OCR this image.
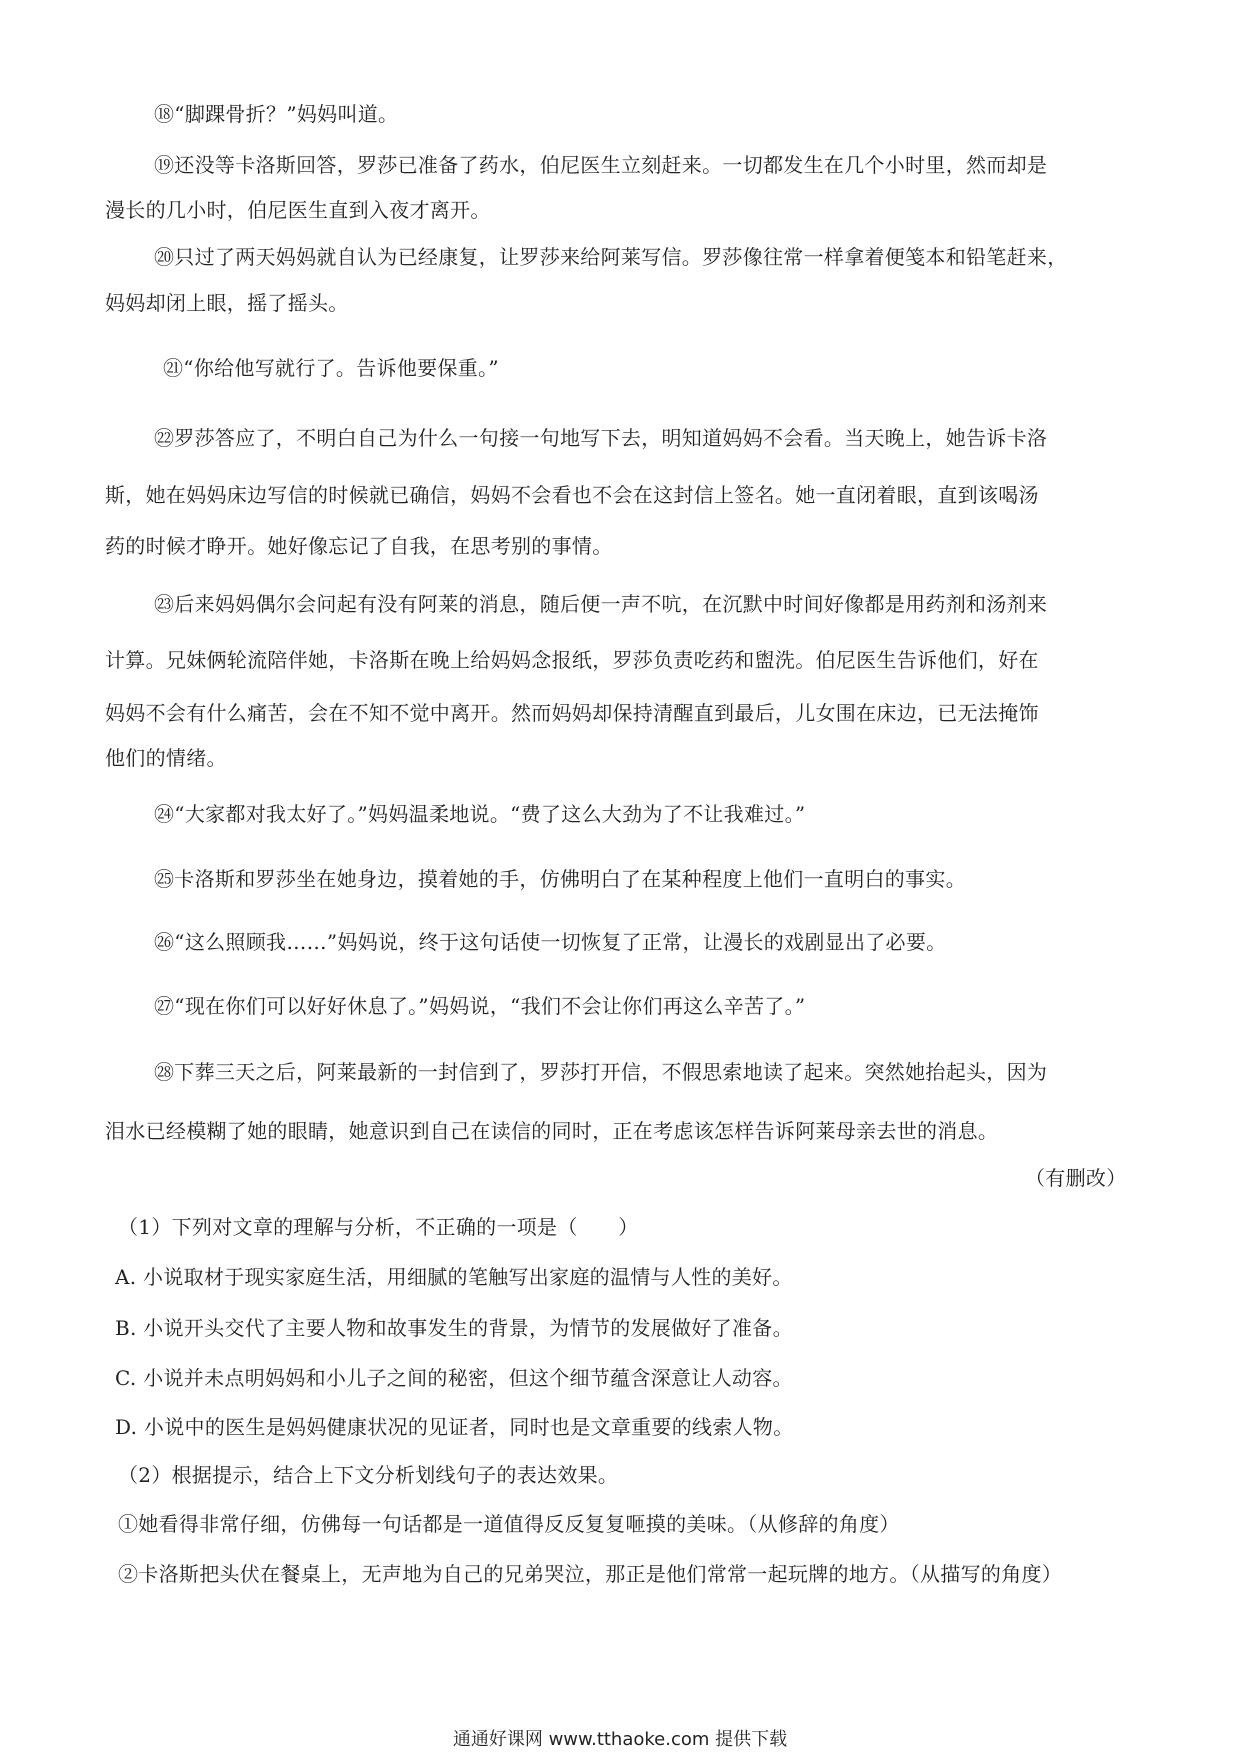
⑱“脚踝骨折？”妈妈叫道。
⑲还没等卡洛斯回答，罗莎已准备了药水，伯尼医生立刻赶来。一切都发生在几个小时里，然而却是
漫长的几小时，伯尼医生直到入夜才离开。
⑳只过了两天妈妈就自认为已经康复，让罗莎来给阿莱写信。罗莎像往常一样拿着便笺本和铅笔赶来，
妈妈却闭上眼，摇了摇头。
㉑“你给他写就行了。告诉他要保重。”
㉒罗莎答应了，不明白自己为什么一句接一句地写下去，明知道妈妈不会看。当天晚上，她告诉卡洛
斯，她在妈妈床边写信的时候就已确信，妈妈不会看也不会在这封信上签名。她一直闭着眼，直到该喝汤
药的时候才睁开。她好像忘记了自我，在思考别的事情。
㉓后来妈妈偶尔会问起有没有阿莱的消息，随后便一声不吭，在沉默中时间好像都是用药剂和汤剂来
计算。兄妹俩轮流陪伴她，卡洛斯在晚上给妈妈念报纸，罗莎负责吃药和盥洗。伯尼医生告诉他们，好在
妈妈不会有什么痛苦，会在不知不觉中离开。然而妈妈却保持清醒直到最后，儿女围在床边，已无法掩饰
他们的情绪。
㉔“大家都对我太好了。”妈妈温柔地说。“费了这么大劲为了不让我难过。”
㉕卡洛斯和罗莎坐在她身边，摸着她的手，仿佛明白了在某种程度上他们一直明白的事实。
㉖“这么照顾我……”妈妈说，终于这句话使一切恢复了正常，让漫长的戏剧显出了必要。
㉗“现在你们可以好好休息了。”妈妈说，“我们不会让你们再这么辛苦了。”
㉘下葬三天之后，阿莱最新的一封信到了，罗莎打开信，不假思索地读了起来。突然她抬起头，因为
泪水已经模糊了她的眼睛，她意识到自己在读信的同时，正在考虑该怎样告诉阿莱母亲去世的消息。
（有删改）
（1）下列对文章的理解与分析，不正确的一项是（　　）
A. 小说取材于现实家庭生活，用细腻的笔触写出家庭的温情与人性的美好。
B. 小说开头交代了主要人物和故事发生的背景，为情节的发展做好了准备。
C. 小说并未点明妈妈和小儿子之间的秘密，但这个细节蕴含深意让人动容。
D. 小说中的医生是妈妈健康状况的见证者，同时也是文章重要的线索人物。
（2）根据提示，结合上下文分析划线句子的表达效果。
①她看得非常仔细，仿佛每一句话都是一道值得反反复复咂摸的美味。（从修辞的角度）
②卡洛斯把头伏在餐桌上，无声地为自己的兄弟哭泣，那正是他们常常一起玩牌的地方。（从描写的角度）
通通好课网 www.tthaoke.com 提供下载
